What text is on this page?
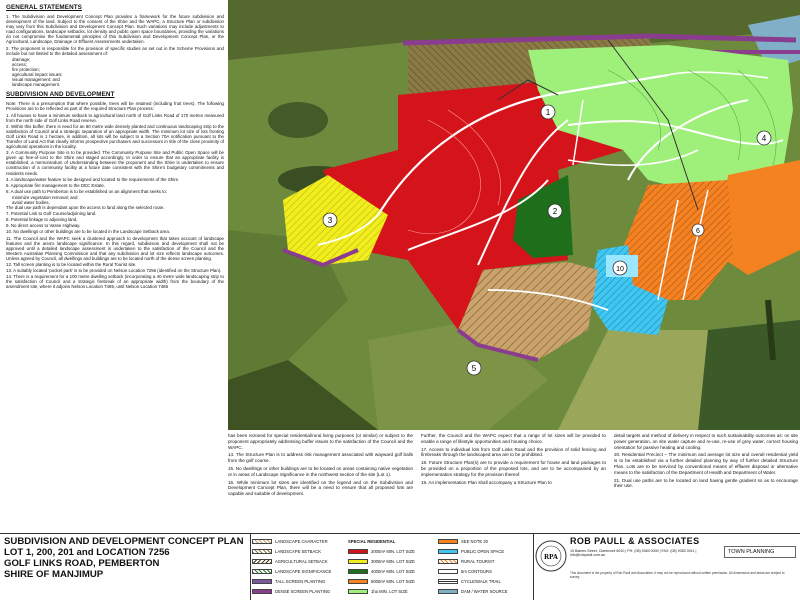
GENERAL STATEMENTS
1. The Subdivision and Development Concept Plan provides a framework for the future subdivision and development of the land. Subject to the consent of the Shire and the WAPC, a Structure Plan or subdivision may vary from this Subdivision and Development Concept Plan. Such variations may include adjustments to road configurations, landscape setbacks, lot density and public open space boundaries, providing the variations do not compromise the fundamental principles of this Subdivision and Development Concept Plan, or the Agricultural, Landscape, Drainage or Effluent Assessments undertaken.
2. The proponent is responsible for the provision of specific studies as set out in the Scheme Provisions and include but not limited to the detailed assessment of:
drainage;
access;
fire protection;
agricultural impact issues;
visual management; and
landscape management.
SUBDIVISION AND DEVELOPMENT
Note: There is a presumption that where possible, trees will be retained (including fruit trees). The following Provisions are to be reflected as part of the required Structure Plan process:
1. All houses to have a minimum setback to agricultural land north of Golf Links Road of 170 metres measured from the north side of Golf Links Road reserve.
2. Within this buffer, there is need for an 80 metre wide densely planted and continuous landscaping strip to the satisfaction of Council and a strategic separation of an appropriate width. The minimum lot size of lots fronting Golf Links Road is 1 hectare, in addition, all lots will be subject to a Section 70A notification pursuant to the Transfer of Land Act that clearly informs prospective purchasers and successors in title of the close proximity of agricultural operations in the locality.
3. A Community Purpose Site is to be provided. The Community Purpose Site and Public Open Space will be given up free-of-cost to the Shire and staged accordingly. In order to ensure that an appropriate facility is established, a memorandum of Understanding between the proponent and the Shire is undertaken to ensure construction of a community facility at a future date consistent with the Shire's budgetary commitments and residents needs.
4. A landscape/water feature to be designed and located to the requirements of the Shire.
5. Appropriate fire management to the DEC Estate.
6. A dual use path to Pemberton is to be established on an alignment that seeks to:
minimize vegetation removal; and
avoid water bodies.
The dual use path is dependant upon the access to land along the selected route.
7. Potential Link to Golf Course/adjoining land.
8. Potential linkage to adjoining land.
9. No direct access to Vasse Highway.
10. No dwellings or other buildings are to be located in the Landscape Setback area.
11. The Council and the WAPC seek a clustered approach to development that takes account of landscape features and the area's landscape significance. In this regard, subdivision and development shall not be approved until a detailed landscape assessment is undertaken to the satisfaction of the Council and the Western Australian Planning Commission and that any subdivision and lot size reflects landscape outcomes. Unless agreed by Council, all dwellings and buildings are to be located north of the dense screen planting.
12. Tall screen planting is to be located within the Rural Tourist site.
13. A suitably located 'pocket park' is to be provided on Nelson Location 7256 (identified on the Structure Plan).
14. There is a requirement for a 100 metre dwelling setback (incorporating a 40 metre wide landscaping strip to the satisfaction of Council and a strategic firebreak of an appropriate width) from the boundary of the amendment site, where it adjoins Nelson Location 7485, until Nelson Location 7485
1
2
3
4
5
10
6

has been rezoned for special residential/rural living purposes (or similar) or subject to the proponent appropriately addressing buffer issues to the satisfaction of the Council and the WAPC.

14. The Structure Plan is to address risk management associated with wayward golf balls from the golf course.

15. No dwellings or other buildings are to be located on areas containing native vegetation or in areas of Landscape Significance in the northwest section of the site (Lot 1).

16. While minimum lot sizes are identified on the legend and on the Subdivision and Development Concept Plan, there will be a need to ensure that all proposed lots are capable and suitable of development.

Further, the Council and the WAPC expect that a range of lot sizes will be provided to enable a range of lifestyle opportunities and housing choice.

17. Access to individual lots from Golf Links Road and the provision of solid fencing and firebreaks through the landscaped area are to be prohibited.

18. Future Structure Plan(s) are to provide a requirement for house and land packages to be provided on a proportion of the proposed lots, and are to be accompanied by an implementation strategy for the provision thereof.

19. An implementation Plan shall accompany a Structure Plan to

detail targets and method of delivery in respect to such sustainability outcomes as: on site power generation, on site water capture and re-use, re-use of grey water, correct housing orientation for passive heating and cooling.

20. Residential Precinct – The minimum and average lot size and overall residential yield is to be established via a further detailed planning by way of further detailed Structure Plan. Lots are to be serviced by conventional means of effluent disposal or alternative means to the satisfaction of the Department of Health and Department of Water.

21. Dual use paths are to be located on land having gentle gradient so as to encourage their use.

SUBDIVISION AND DEVELOPMENT CONCEPT PLAN
LOT 1, 200, 201 and LOCATION 7256
GOLF LINKS ROAD, PEMBERTON
SHIRE OF MANJIMUP
LANDSCAPE CHARACTER
LANDSCAPE SETBACK
AGRICULTURAL SETBACK
LANDSCAPE SIGNIFICANCE
TALL SCREEN PLANTING
DENSE SCREEN PLANTING
SPECIAL RESIDENTIAL
2000m² MIN. LOT SIZE
3000m² MIN. LOT SIZE
4000m² MIN. LOT SIZE
5000m² MIN. LOT SIZE
1ha MIN. LOT SIZE
SEE NOTE 20
PUBLIC OPEN SPACE
RURAL TOURIST
5m CONTOURS
CYCLE/WALK TRAIL
DAM / WATER SOURCE
RPA
ROB PAULL & ASSOCIATES
15 Bakers Street, Claremont 6010 | PH: (08) 9383 0000 | FAX: (08) 9383 0011 | info@robpaull.com.au
TOWN PLANNING
This document is the property of Rob Paull and Associates. It may not be reproduced without written permission. All dimensions and areas are subject to survey.
